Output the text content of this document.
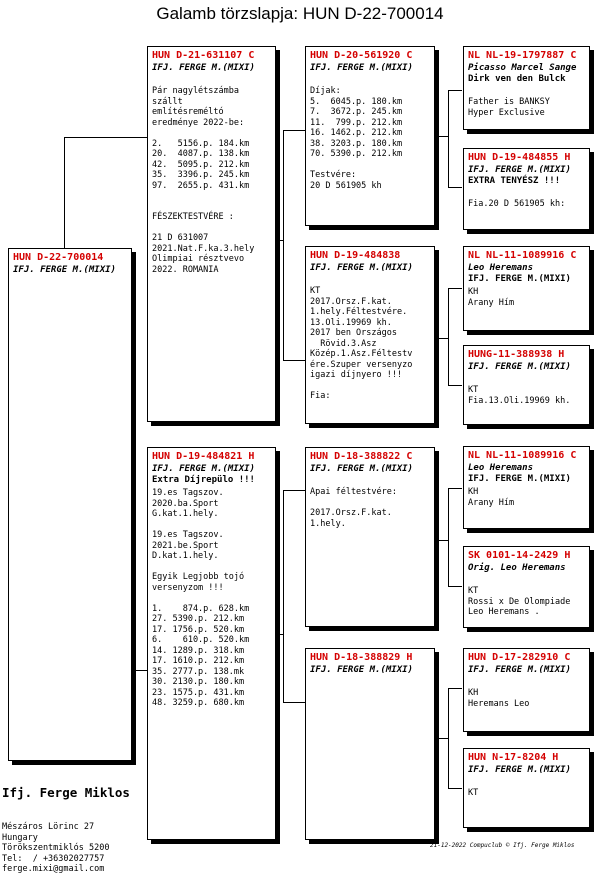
Galamb törzslapja: HUN D-22-700014
HUN D-22-700014
IFJ. FERGE M.(MIXI)
HUN D-21-631107 C
IFJ. FERGE M.(MIXI)
Pár nagylétszámba
szállt
említésreméltó
eredménye 2022-be:

2.   5156.p. 184.km
20.  4087.p. 138.km
42.  5095.p. 212.km
35.  3396.p. 245.km
97.  2655.p. 431.km

FÉSZEKTESTVÉRE :

21 D 631007
2021.Nat.F.ka.3.hely
Olimpiai résztvevo
2022. ROMANIA
HUN D-19-484821 H
IFJ. FERGE M.(MIXI)
Extra Díjrepülo !!!
19.es Tagszov.
2020.ba.Sport
G.kat.1.hely.

19.es Tagszov.
2021.be.Sport
D.kat.1.hely.

Egyik Legjobb tojó
versenyzom !!!

1.    874.p. 628.km
27. 5390.p. 212.km
17. 1756.p. 520.km
6.    610.p. 520.km
14. 1289.p. 318.km
17. 1610.p. 212.km
35. 2777.p. 138.mk
30. 2130.p. 180.km
23. 1575.p. 431.km
48. 3259.p. 680.km
HUN D-20-561920 C
IFJ. FERGE M.(MIXI)
Díjak:
5.  6045.p. 180.km
7.  3672.p. 245.km
11.  799.p. 212.km
16. 1462.p. 212.km
38. 3203.p. 180.km
70. 5390.p. 212.km

Testvére:
20 D 561905 kh
HUN D-19-484838
IFJ. FERGE M.(MIXI)
KT
2017.Orsz.F.kat.
1.hely.Féltestvére.
13.Oli.19969 kh.
2017 ben Országos
Rövid.3.Asz
Közép.1.Asz.Féltestv
ére.Szuper versenyzo
igazi díjnyero !!!

Fia:
HUN D-18-388822 C
IFJ. FERGE M.(MIXI)
Apai féltestvére:

2017.Orsz.F.kat.
1.hely.
HUN D-18-388829 H
IFJ. FERGE M.(MIXI)
NL NL-19-1797887 C
Picasso Marcel Sange
Dirk ven den Bulck
Father is BANKSY
Hyper Exclusive
HUN D-19-484855 H
IFJ. FERGE M.(MIXI)
EXTRA TENYÉSZ !!!
Fia.20 D 561905 kh:
NL NL-11-1089916 C
Leo Heremans
IFJ. FERGE M.(MIXI)
KH
Arany Hím
HUNG-11-388938 H
IFJ. FERGE M.(MIXI)
KT
Fia.13.Oli.19969 kh.
NL NL-11-1089916 C
Leo Heremans
IFJ. FERGE M.(MIXI)
KH
Arany Hím
SK 0101-14-2429 H
Orig. Leo Heremans
KT
Rossi x De Olompiade
Leo Heremans .
HUN D-17-282910 C
IFJ. FERGE M.(MIXI)
KH
Heremans Leo
HUN N-17-8204 H
IFJ. FERGE M.(MIXI)
KT

Ifj. Ferge Miklos

Mészáros Lörinc 27
Hungary
Törökszentmiklós 5200
Tel:  / +36302027757
ferge.mixi@gmail.com

21-12-2022 Compuclub © Ifj. Ferge Miklos
